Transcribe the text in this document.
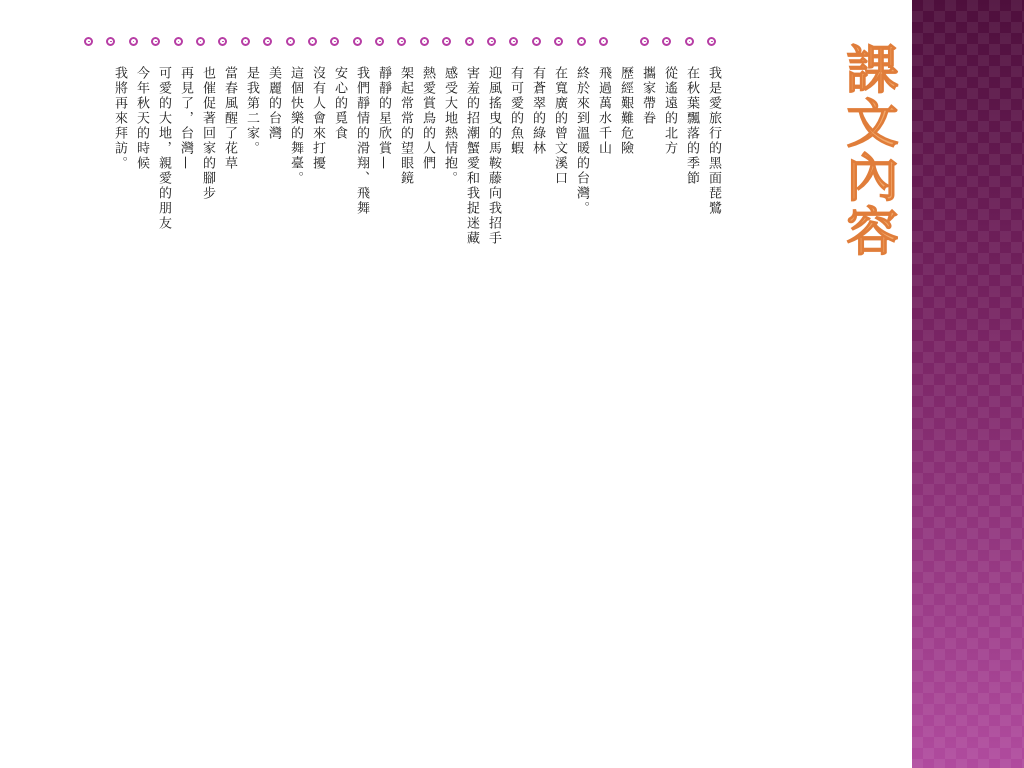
課文內容
我是愛旅行的黑面琵鷺
在秋葉飄落的季節
從遙遠的北方
攜家帶眷
歷經艱難危險
飛過萬水千山
終於來到溫暖的台灣。
在寬廣的曾文溪口
有蒼翠的綠林
有可愛的魚蝦
迎風搖曳的馬鞍藤向我招手
害羞的招潮蟹愛和我捉迷藏
感受大地熱情抱。
熱愛賞鳥的人們
架起常常的望眼鏡
靜靜的星欣賞—
我們靜情的滑翔、飛舞
安心的覓食
沒有人會來打擾
這個快樂的舞臺。
美麗的台灣
是我第二家。
當春風醒了花草
也催促著回家的腳步
再見了，台灣—
可愛的大地，親愛的朋友
今年秋天的時候
我將再來拜訪。
